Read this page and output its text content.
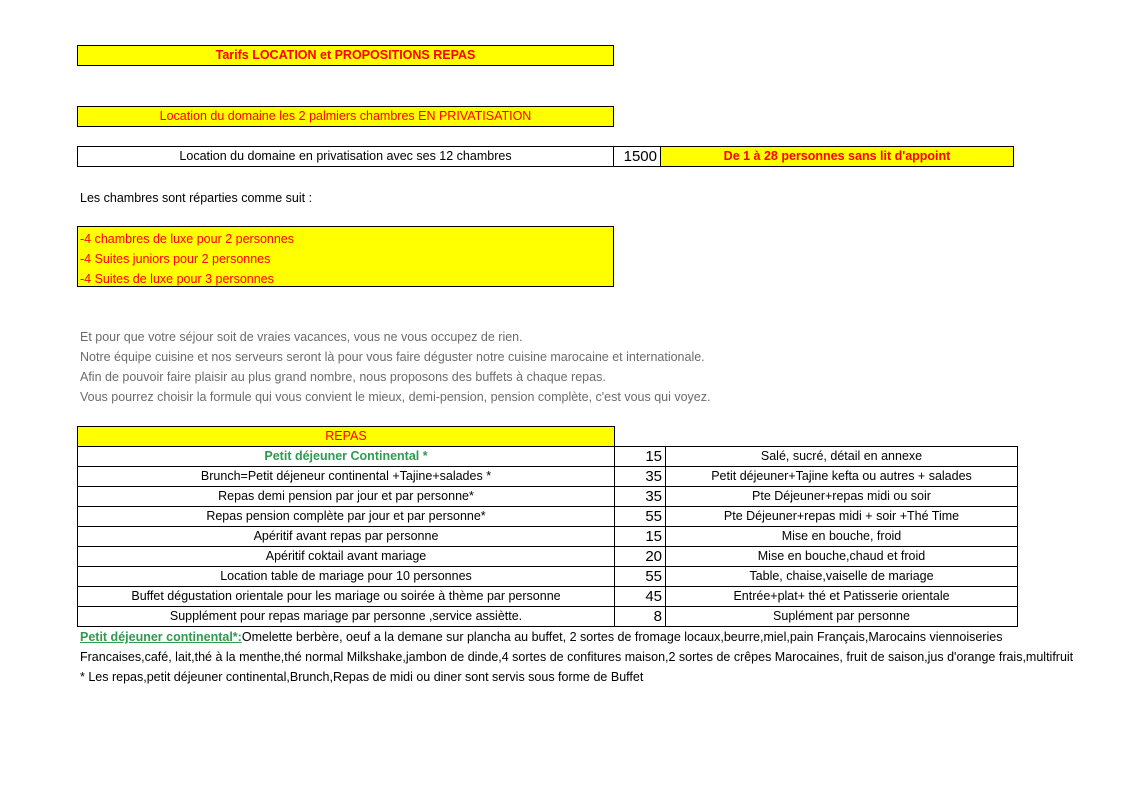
Tarifs LOCATION et PROPOSITIONS REPAS
Location du domaine les 2 palmiers chambres EN PRIVATISATION
Location du domaine en privatisation avec ses 12 chambres	1500	De 1 à 28 personnes sans lit d'appoint
Les chambres sont réparties comme suit :
-4 chambres de luxe pour 2 personnes
-4 Suites juniors pour 2 personnes
-4 Suites de luxe pour 3 personnes
Et pour que votre séjour soit de vraies vacances, vous ne vous occupez de rien.
Notre équipe cuisine et nos serveurs seront là pour vous faire déguster notre cuisine marocaine et internationale.
Afin de pouvoir faire plaisir au plus grand nombre, nous proposons des buffets à chaque repas.
Vous pourrez choisir la formule qui vous convient le mieux, demi-pension, pension complète, c'est vous qui voyez.
REPAS		
Petit déjeuner Continental *	15	Salé, sucré, détail en annexe
Brunch=Petit déjeneur continental +Tajine+salades *	35	Petit déjeuner+Tajine kefta ou autres + salades
Repas demi pension par jour et par personne*	35	Pte Déjeuner+repas midi ou soir
Repas pension complète par jour et par personne*	55	Pte Déjeuner+repas midi + soir +Thé Time
Apéritif avant repas par personne	15	Mise en bouche, froid
Apéritif coktail avant mariage	20	Mise en bouche,chaud et froid
Location table de mariage pour 10 personnes	55	Table, chaise,vaiselle de mariage
Buffet dégustation orientale pour les mariage ou soirée à thème par personne	45	Entrée+plat+ thé et Patisserie orientale
Supplément pour repas mariage par personne ,service assiètte.	8	Suplément par personne
Petit déjeuner continental*:Omelette berbère, oeuf a la demane sur plancha au buffet, 2 sortes de fromage locaux,beurre,miel,pain Français,Marocains viennoiseries Francaises,café, lait,thé à la menthe,thé normal Milkshake,jambon de dinde,4 sortes de confitures maison,2 sortes de crêpes Marocaines, fruit de saison,jus d'orange frais,multifruit
* Les repas,petit déjeuner continental,Brunch,Repas de midi ou diner sont servis sous forme de Buffet
